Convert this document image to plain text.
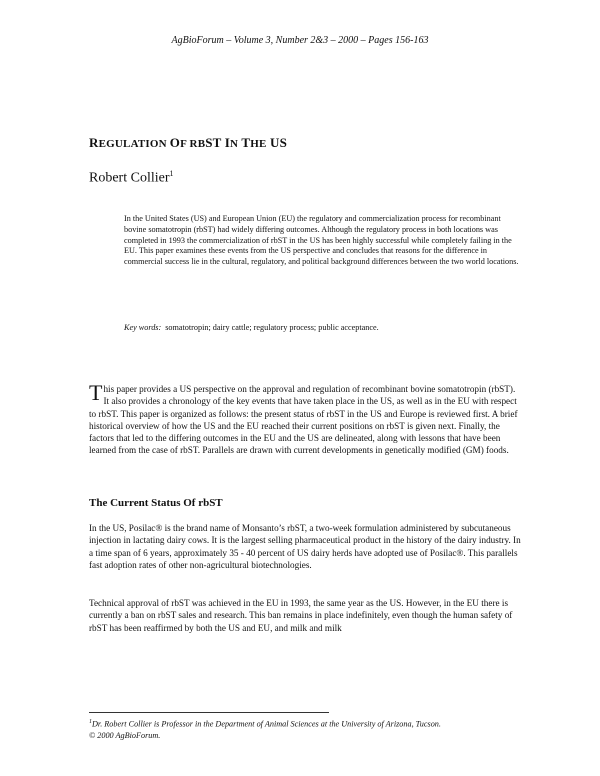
AgBioForum – Volume 3, Number 2&3 – 2000 – Pages 156-163
REGULATION OF RBST IN THE US
Robert Collier$^1$

In the United States (US) and European Union (EU) the regulatory and commercialization process for recombinant bovine somatotropin (rbST) had widely differing outcomes. Although the regulatory process in both locations was completed in 1993 the commercialization of rbST in the US has been highly successful while completely failing in the EU. This paper examines these events from the US perspective and concludes that reasons for the difference in commercial success lie in the cultural, regulatory, and political background differences between the two world locations.

Key words: somatotropin; dairy cattle; regulatory process; public acceptance.

This paper provides a US perspective on the approval and regulation of recombinant bovine somatotropin (rbST). It also provides a chronology of the key events that have taken place in the US, as well as in the EU with respect to rbST. This paper is organized as follows: the present status of rbST in the US and Europe is reviewed first. A brief historical overview of how the US and the EU reached their current positions on rbST is given next. Finally, the factors that led to the differing outcomes in the EU and the US are delineated, along with lessons that have been learned from the case of rbST. Parallels are drawn with current developments in genetically modified (GM) foods.

The Current Status Of rbST

In the US, Posilac® is the brand name of Monsanto’s rbST, a two-week formulation administered by subcutaneous injection in lactating dairy cows. It is the largest selling pharmaceutical product in the history of the dairy industry. In a time span of 6 years, approximately 35 - 40 percent of US dairy herds have adopted use of Posilac®. This parallels fast adoption rates of other non-agricultural biotechnologies.

Technical approval of rbST was achieved in the EU in 1993, the same year as the US. However, in the EU there is currently a ban on rbST sales and research. This ban remains in place indefinitely, even though the human safety of rbST has been reaffirmed by both the US and EU, and milk and milk

$^1$Dr. Robert Collier is Professor in the Department of Animal Sciences at the University of Arizona, Tucson.
© 2000 AgBioForum.
